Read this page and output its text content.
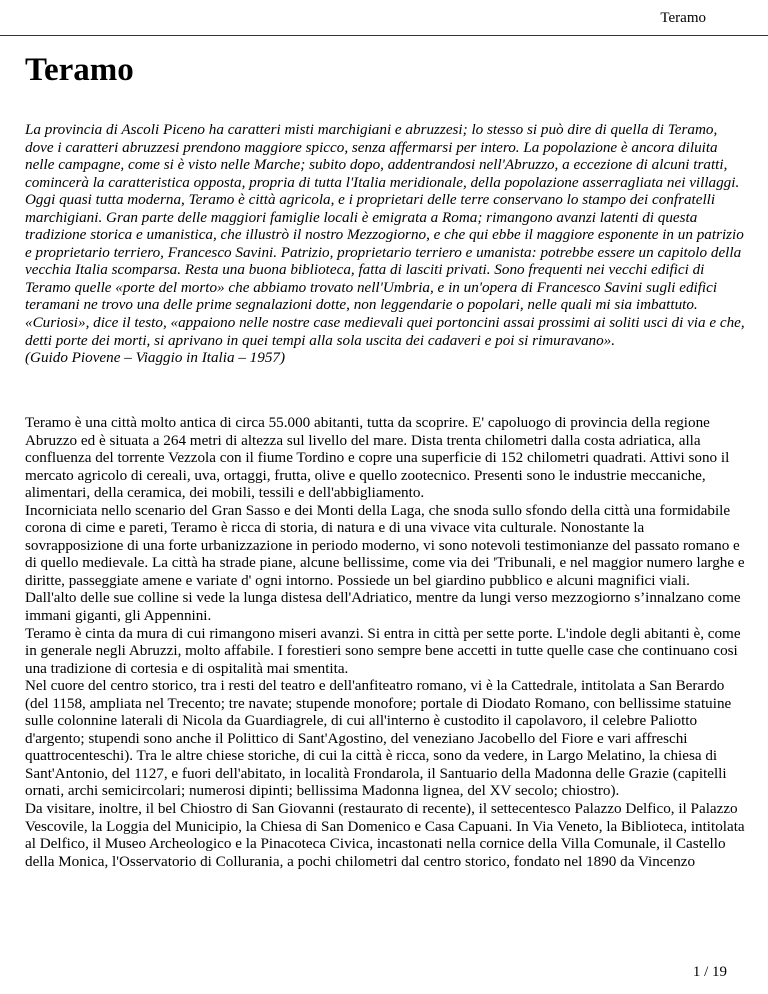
Teramo
Teramo

La provincia di Ascoli Piceno ha caratteri misti marchigiani e abruzzesi; lo stesso si può dire di quella di Teramo, dove i caratteri abruzzesi prendono maggiore spicco, senza affermarsi per intero. La popolazione è ancora diluita nelle campagne, come si è visto nelle Marche; subito dopo, addentrandosi nell'Abruzzo, a eccezione di alcuni tratti, comincerà la caratteristica opposta, propria di tutta l'Italia meridionale, della popolazione asserragliata nei villaggi. Oggi quasi tutta moderna, Teramo è città agricola, e i proprietari delle terre conservano lo stampo dei confratelli marchigiani. Gran parte delle maggiori famiglie locali è emigrata a Roma; rimangono avanzi latenti di questa tradizione storica e umanistica, che illustrò il nostro Mezzogiorno, e che qui ebbe il maggiore esponente in un patrizio e proprietario terriero, Francesco Savini. Patrizio, proprietario terriero e umanista: potrebbe essere un capitolo della vecchia Italia scomparsa. Resta una buona biblioteca, fatta di lasciti privati. Sono frequenti nei vecchi edifici di Teramo quelle «porte del morto» che abbiamo trovato nell'Umbria, e in un'opera di Francesco Savini sugli edifici teramani ne trovo una delle prime segnalazioni dotte, non leggendarie o popolari, nelle quali mi sia imbattuto. «Curiosi», dice il testo, «appaiono nelle nostre case medievali quei portoncini assai prossimi ai soliti usci di via e che, detti porte dei morti, si aprivano in quei tempi alla sola uscita dei cadaveri e poi si rimuravano».

(Guido Piovene – Viaggio in Italia – 1957)

Teramo è una città molto antica di circa 55.000 abitanti, tutta da scoprire. E' capoluogo di provincia della regione Abruzzo ed è situata a 264 metri di altezza sul livello del mare. Dista trenta chilometri dalla costa adriatica, alla confluenza del torrente Vezzola con il fiume Tordino e copre una superficie di 152 chilometri quadrati. Attivi sono il mercato agricolo di cereali, uva, ortaggi, frutta, olive e quello zootecnico. Presenti sono le industrie meccaniche, alimentari, della ceramica, dei mobili, tessili e dell'abbigliamento.

Incorniciata nello scenario del Gran Sasso e dei Monti della Laga, che snoda sullo sfondo della città una formidabile corona di cime e pareti, Teramo è ricca di storia, di natura e di una vivace vita culturale. Nonostante la sovrapposizione di una forte urbanizzazione in periodo moderno, vi sono notevoli testimonianze del passato romano e di quello medievale. La città ha strade piane, alcune bellissime, come via dei 'Tribunali, e nel maggior numero larghe e diritte, passeggiate amene e variate d' ogni intorno. Possiede un bel giardino pubblico e alcuni magnifici viali. Dall'alto delle sue colline si vede la lunga distesa dell'Adriatico, mentre da lungi verso mezzogiorno s’innalzano come immani giganti, gli Appennini.

Teramo è cinta da mura di cui rimangono miseri avanzi. Si entra in città per sette porte. L'indole degli abitanti è, come in generale negli Abruzzi, molto affabile. I forestieri sono sempre bene accetti in tutte quelle case che continuano cosi una tradizione di cortesia e di ospitalità mai smentita.

Nel cuore del centro storico, tra i resti del teatro e dell'anfiteatro romano, vi è la Cattedrale, intitolata a San Berardo (del 1158, ampliata nel Trecento; tre navate; stupende monofore; portale di Diodato Romano, con bellissime statuine sulle colonnine laterali di Nicola da Guardiagrele, di cui all'interno è custodito il capolavoro, il celebre Paliotto d'argento; stupendi sono anche il Polittico di Sant'Agostino, del veneziano Jacobello del Fiore e vari affreschi quattrocenteschi). Tra le altre chiese storiche, di cui la città è ricca, sono da vedere, in Largo Melatino, la chiesa di Sant'Antonio, del 1127, e fuori dell'abitato, in località Frondarola, il Santuario della Madonna delle Grazie (capitelli ornati, archi semicircolari; numerosi dipinti; bellissima Madonna lignea, del XV secolo; chiostro).

Da visitare, inoltre, il bel Chiostro di San Giovanni (restaurato di recente), il settecentesco Palazzo Delfico, il Palazzo Vescovile, la Loggia del Municipio, la Chiesa di San Domenico e Casa Capuani. In Via Veneto, la Biblioteca, intitolata al Delfico, il Museo Archeologico e la Pinacoteca Civica, incastonati nella cornice della Villa Comunale, il Castello della Monica, l'Osservatorio di Collurania, a pochi chilometri dal centro storico, fondato nel 1890 da Vincenzo

1 / 19
